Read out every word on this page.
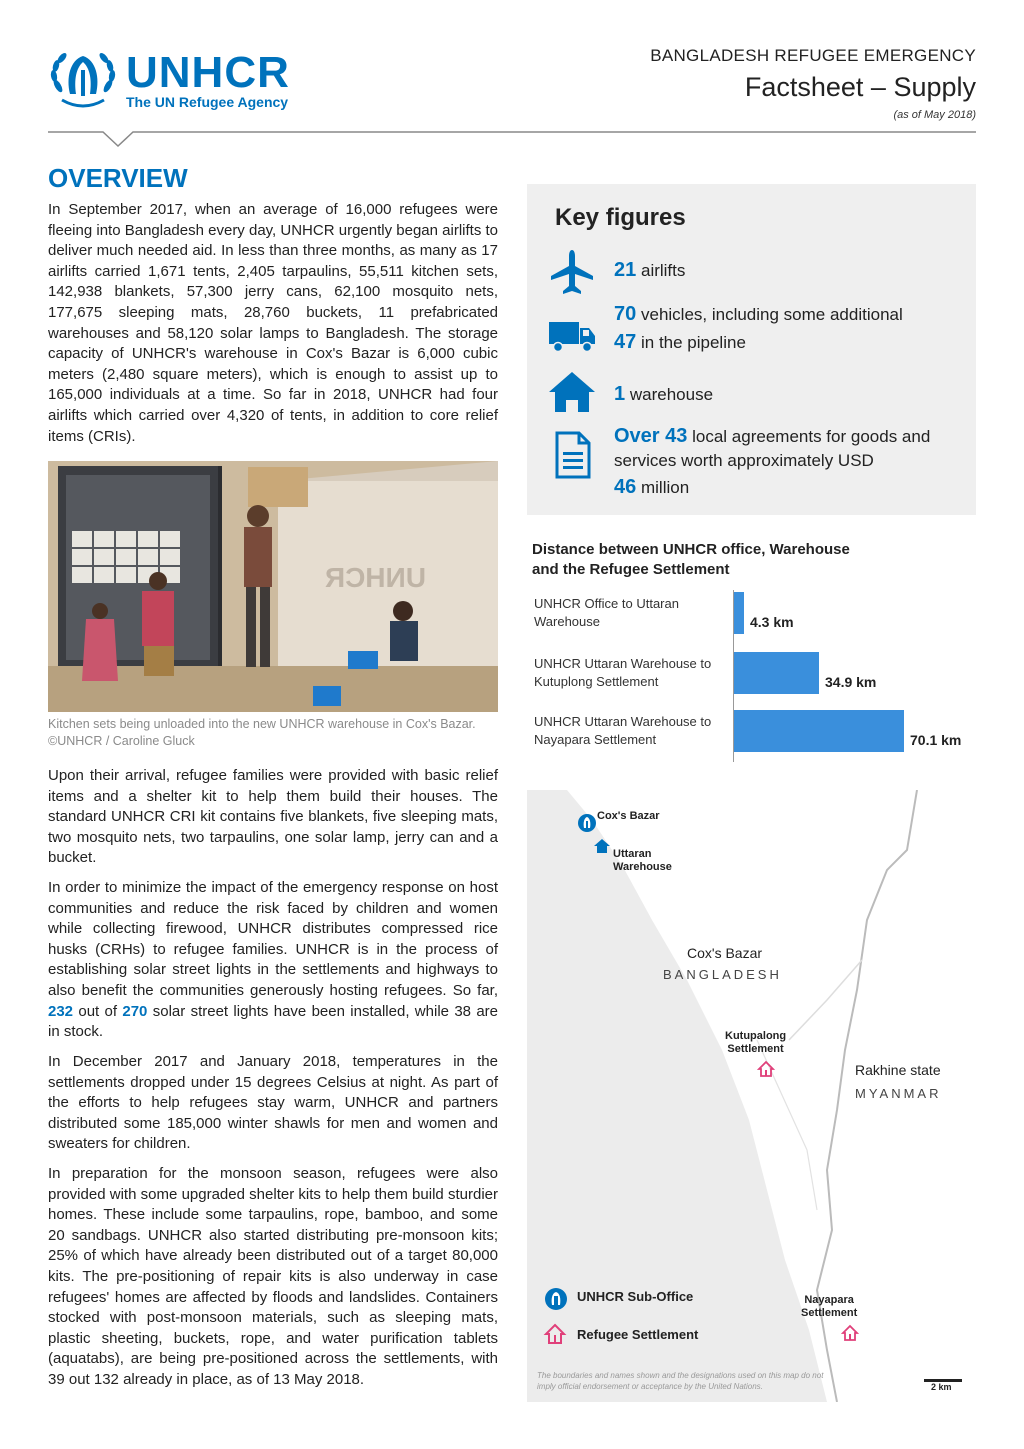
UNHCR
The UN Refugee Agency
BANGLADESH REFUGEE EMERGENCY
Factsheet – Supply
(as of May 2018)
OVERVIEW
In September 2017, when an average of 16,000 refugees were fleeing into Bangladesh every day, UNHCR urgently began airlifts to deliver much needed aid. In less than three months, as many as 17 airlifts carried 1,671 tents, 2,405 tarpaulins, 55,511 kitchen sets, 142,938 blankets, 57,300 jerry cans, 62,100 mosquito nets, 177,675 sleeping mats, 28,760 buckets, 11 prefabricated warehouses and 58,120 solar lamps to Bangladesh. The storage capacity of UNHCR's warehouse in Cox's Bazar is 6,000 cubic meters (2,480 square meters), which is enough to assist up to 165,000 individuals at a time. So far in 2018, UNHCR had four airlifts which carried over 4,320 of tents, in addition to core relief items (CRIs).
UNHCR
Kitchen sets being unloaded into the new UNHCR warehouse in Cox's Bazar. ©UNHCR / Caroline Gluck
Upon their arrival, refugee families were provided with basic relief items and a shelter kit to help them build their houses. The standard UNHCR CRI kit contains five blankets, five sleeping mats, two mosquito nets, two tarpaulins, one solar lamp, jerry can and a bucket.
In order to minimize the impact of the emergency response on host communities and reduce the risk faced by children and women while collecting firewood, UNHCR distributes compressed rice husks (CRHs) to refugee families. UNHCR is in the process of establishing solar street lights in the settlements and highways to also benefit the communities generously hosting refugees. So far, 232 out of 270 solar street lights have been installed, while 38 are in stock.
In December 2017 and January 2018, temperatures in the settlements dropped under 15 degrees Celsius at night. As part of the efforts to help refugees stay warm, UNHCR and partners distributed some 185,000 winter shawls for men and women and sweaters for children.
In preparation for the monsoon season, refugees were also provided with some upgraded shelter kits to help them build sturdier homes. These include some tarpaulins, rope, bamboo, and some 20 sandbags. UNHCR also started distributing pre-monsoon kits; 25% of which have already been distributed out of a target 80,000 kits. The pre-positioning of repair kits is also underway in case refugees' homes are affected by floods and landslides. Containers stocked with post-monsoon materials, such as sleeping mats, plastic sheeting, buckets, rope, and water purification tablets (aquatabs), are being pre-positioned across the settlements, with 39 out 132 already in place, as of 13 May 2018.
Key figures
21 airlifts
70 vehicles, including some additional
47 in the pipeline
1 warehouse
Over 43 local agreements for goods and services worth approximately USD
46 million
Distance between UNHCR office, Warehouse and the Refugee Settlement
UNHCR Office to Uttaran Warehouse	4.3 km
UNHCR Uttaran Warehouse to Kutuplong Settlement	34.9 km
UNHCR Uttaran Warehouse to Nayapara Settlement	70.1 km
Cox's Bazar
Uttaran
Warehouse
Cox's Bazar
BANGLADESH
Kutupalong
Settlement
Rakhine state
MYANMAR
Nayapara
Settlement
UNHCR Sub-Office
Refugee Settlement
The boundaries and names shown and the designations used on this map do not imply official endorsement or acceptance by the United Nations.	2 km
